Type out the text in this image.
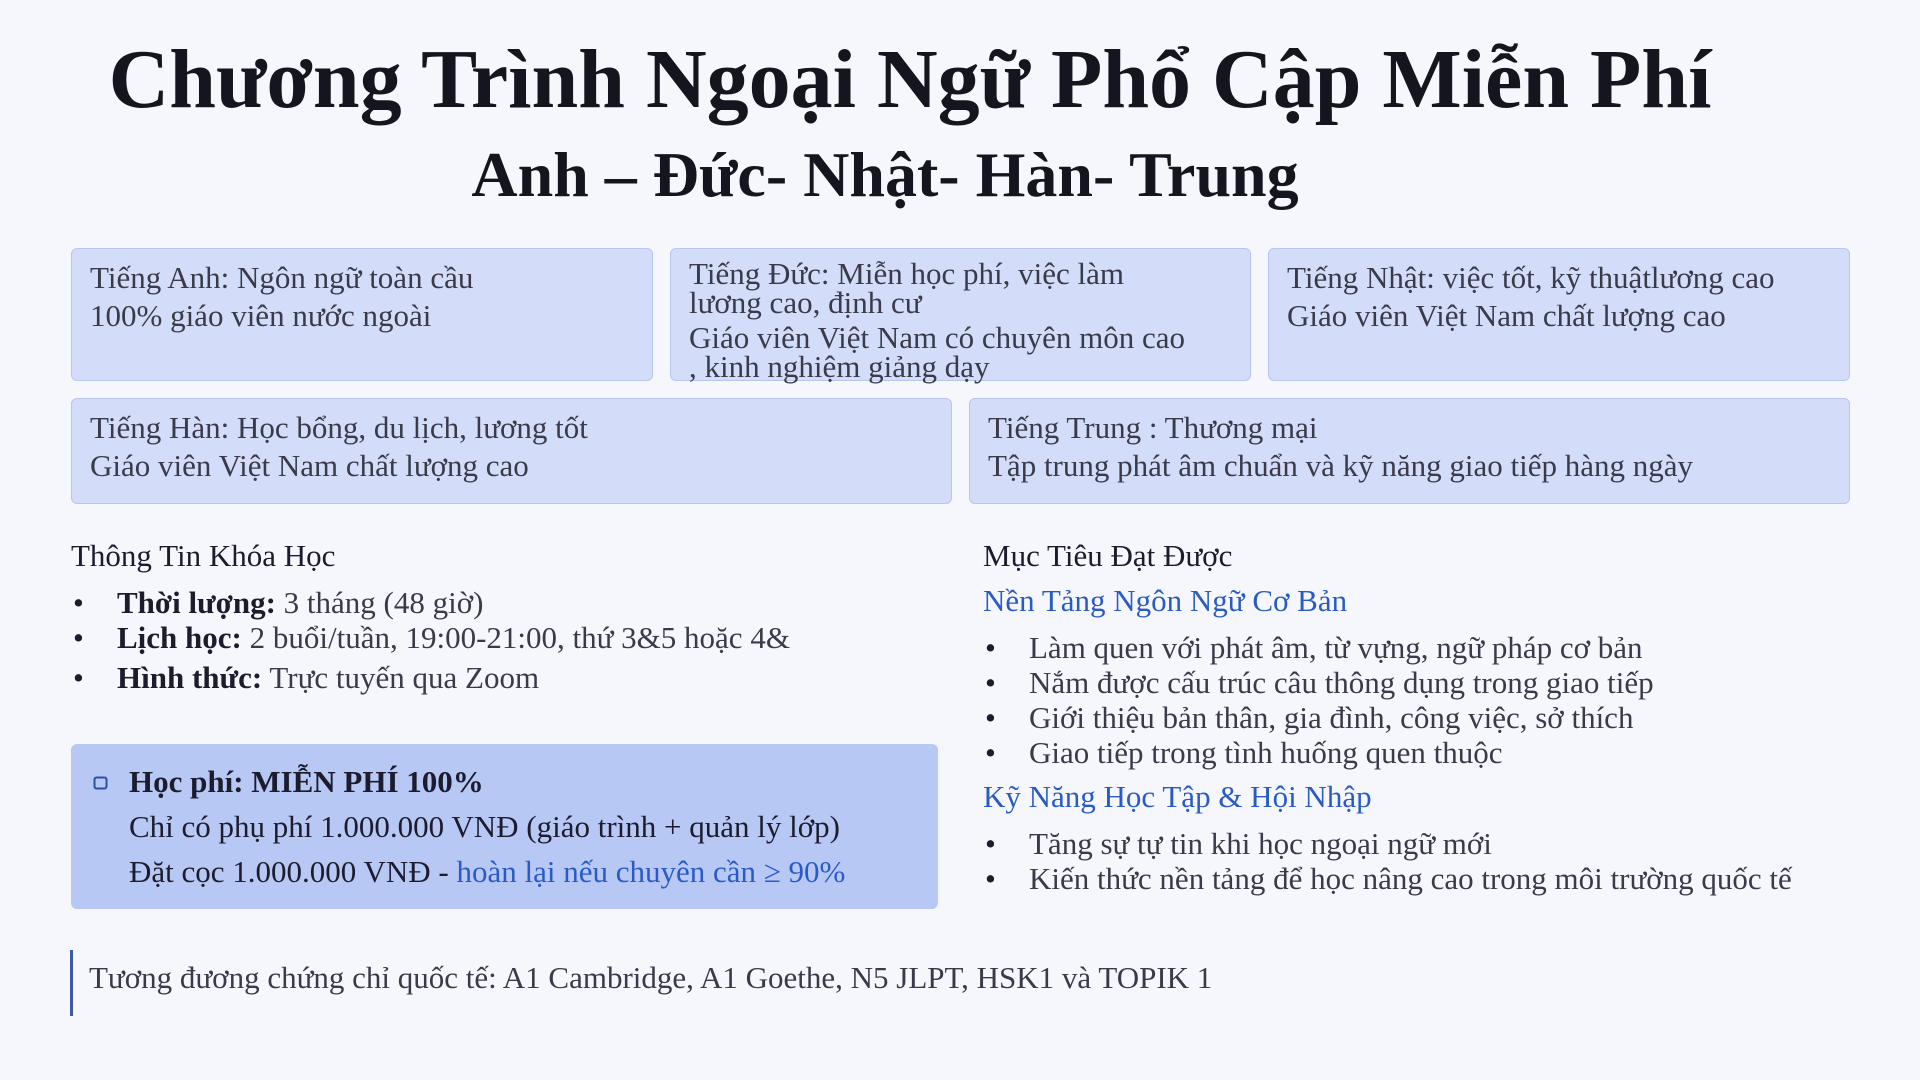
Chương Trình Ngoại Ngữ Phổ Cập Miễn Phí
Anh – Đức- Nhật- Hàn- Trung
Tiếng Anh: Ngôn ngữ toàn cầu
100% giáo viên nước ngoài
Tiếng Đức: Miễn học phí, việc làm
lương cao, định cư
Giáo viên Việt Nam có chuyên môn cao
, kinh nghiệm giảng dạy
Tiếng Nhật: việc tốt, kỹ thuậtlương cao
Giáo viên Việt Nam chất lượng cao
Tiếng Hàn: Học bổng, du lịch, lương tốt
Giáo viên Việt Nam chất lượng cao
Tiếng Trung : Thương mại
Tập trung phát âm chuẩn và kỹ năng giao tiếp hàng ngày
Thông Tin Khóa Học
• Thời lượng: 3 tháng (48 giờ)
• Lịch học: 2 buổi/tuần, 19:00-21:00, thứ 3&5 hoặc 4&
• Hình thức: Trực tuyến qua Zoom
Học phí: MIỄN PHÍ 100%
Chỉ có phụ phí 1.000.000 VNĐ (giáo trình + quản lý lớp)
Đặt cọc 1.000.000 VNĐ - hoàn lại nếu chuyên cần ≥ 90%
Mục Tiêu Đạt Được
Nền Tảng Ngôn Ngữ Cơ Bản
• Làm quen với phát âm, từ vựng, ngữ pháp cơ bản
• Nắm được cấu trúc câu thông dụng trong giao tiếp
• Giới thiệu bản thân, gia đình, công việc, sở thích
• Giao tiếp trong tình huống quen thuộc
Kỹ Năng Học Tập & Hội Nhập
• Tăng sự tự tin khi học ngoại ngữ mới
• Kiến thức nền tảng để học nâng cao trong môi trường quốc tế
Tương đương chứng chỉ quốc tế: A1 Cambridge, A1 Goethe, N5 JLPT, HSK1 và TOPIK 1
